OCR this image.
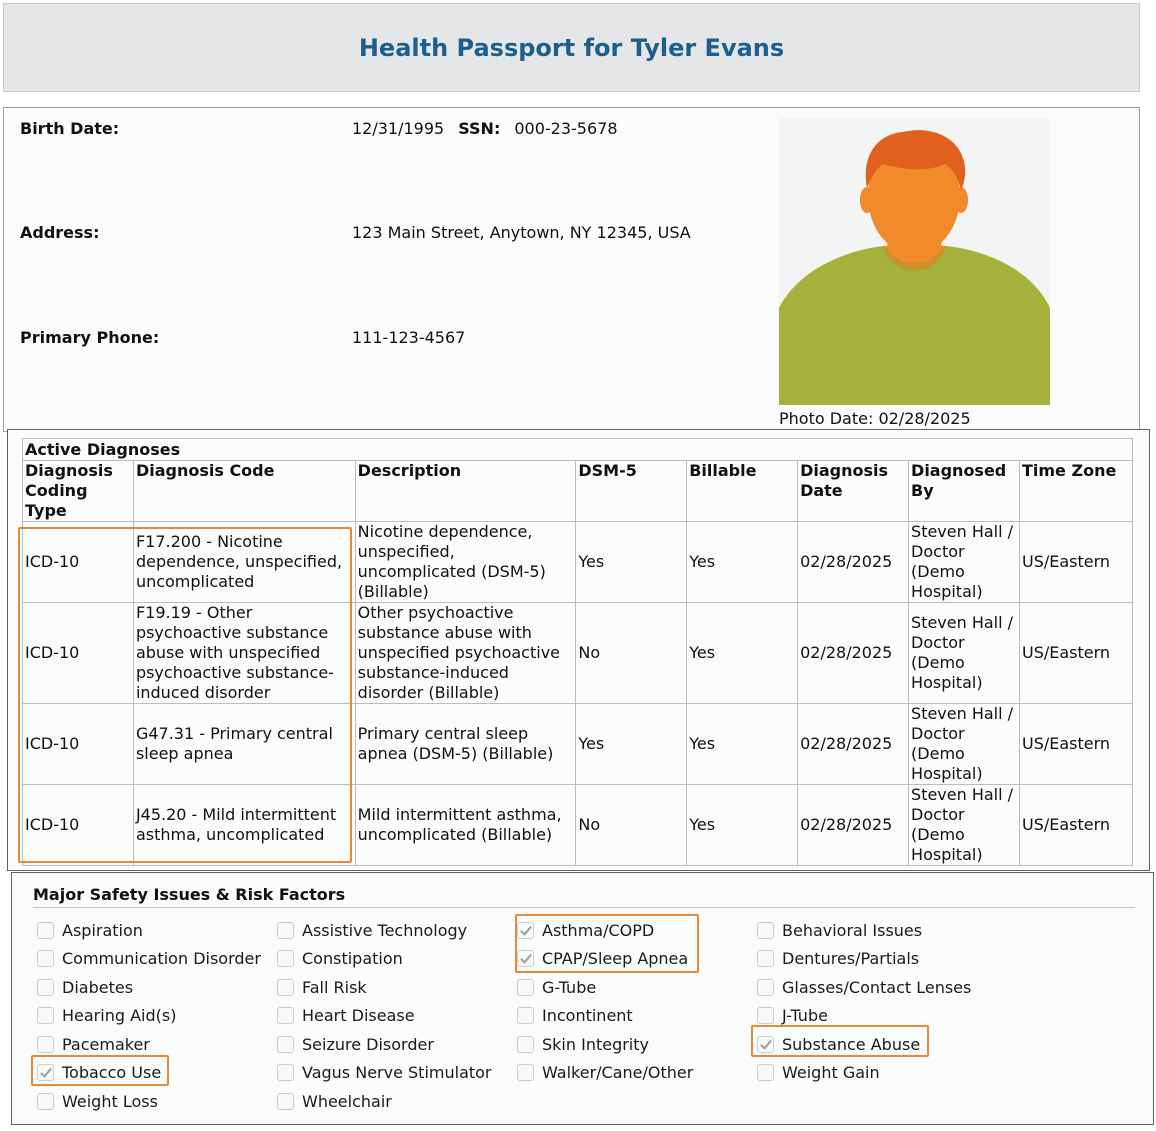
Health Passport for Tyler Evans
Birth Date:	12/31/1995 SSN: 000-23-5678
Address:	123 Main Street, Anytown, NY 12345, USA
Primary Phone:	111-123-4567
Photo Date: 02/28/2025
Active Diagnoses							
Diagnosis Coding Type	Diagnosis Code	Description	DSM-5	Billable	Diagnosis Date	Diagnosed By	Time Zone
ICD-10	F17.200 - Nicotine dependence, unspecified, uncomplicated	Nicotine dependence, unspecified, uncomplicated (DSM-5) (Billable)	Yes	Yes	02/28/2025	Steven Hall / Doctor (Demo Hospital)	US/Eastern
ICD-10	F19.19 - Other psychoactive substance abuse with unspecified psychoactive substance-induced disorder	Other psychoactive substance abuse with unspecified psychoactive substance-induced disorder (Billable)	No	Yes	02/28/2025	Steven Hall / Doctor (Demo Hospital)	US/Eastern
ICD-10	G47.31 - Primary central sleep apnea	Primary central sleep apnea (DSM-5) (Billable)	Yes	Yes	02/28/2025	Steven Hall / Doctor (Demo Hospital)	US/Eastern
ICD-10	J45.20 - Mild intermittent asthma, uncomplicated	Mild intermittent asthma, uncomplicated (Billable)	No	Yes	02/28/2025	Steven Hall / Doctor (Demo Hospital)	US/Eastern
Major Safety Issues & Risk Factors
Aspiration
Communication Disorder
Diabetes
Hearing Aid(s)
Pacemaker
Tobacco Use
Weight Loss
Assistive Technology
Constipation
Fall Risk
Heart Disease
Seizure Disorder
Vagus Nerve Stimulator
Wheelchair
Asthma/COPD
CPAP/Sleep Apnea
G-Tube
Incontinent
Skin Integrity
Walker/Cane/Other
Behavioral Issues
Dentures/Partials
Glasses/Contact Lenses
J-Tube
Substance Abuse
Weight Gain
